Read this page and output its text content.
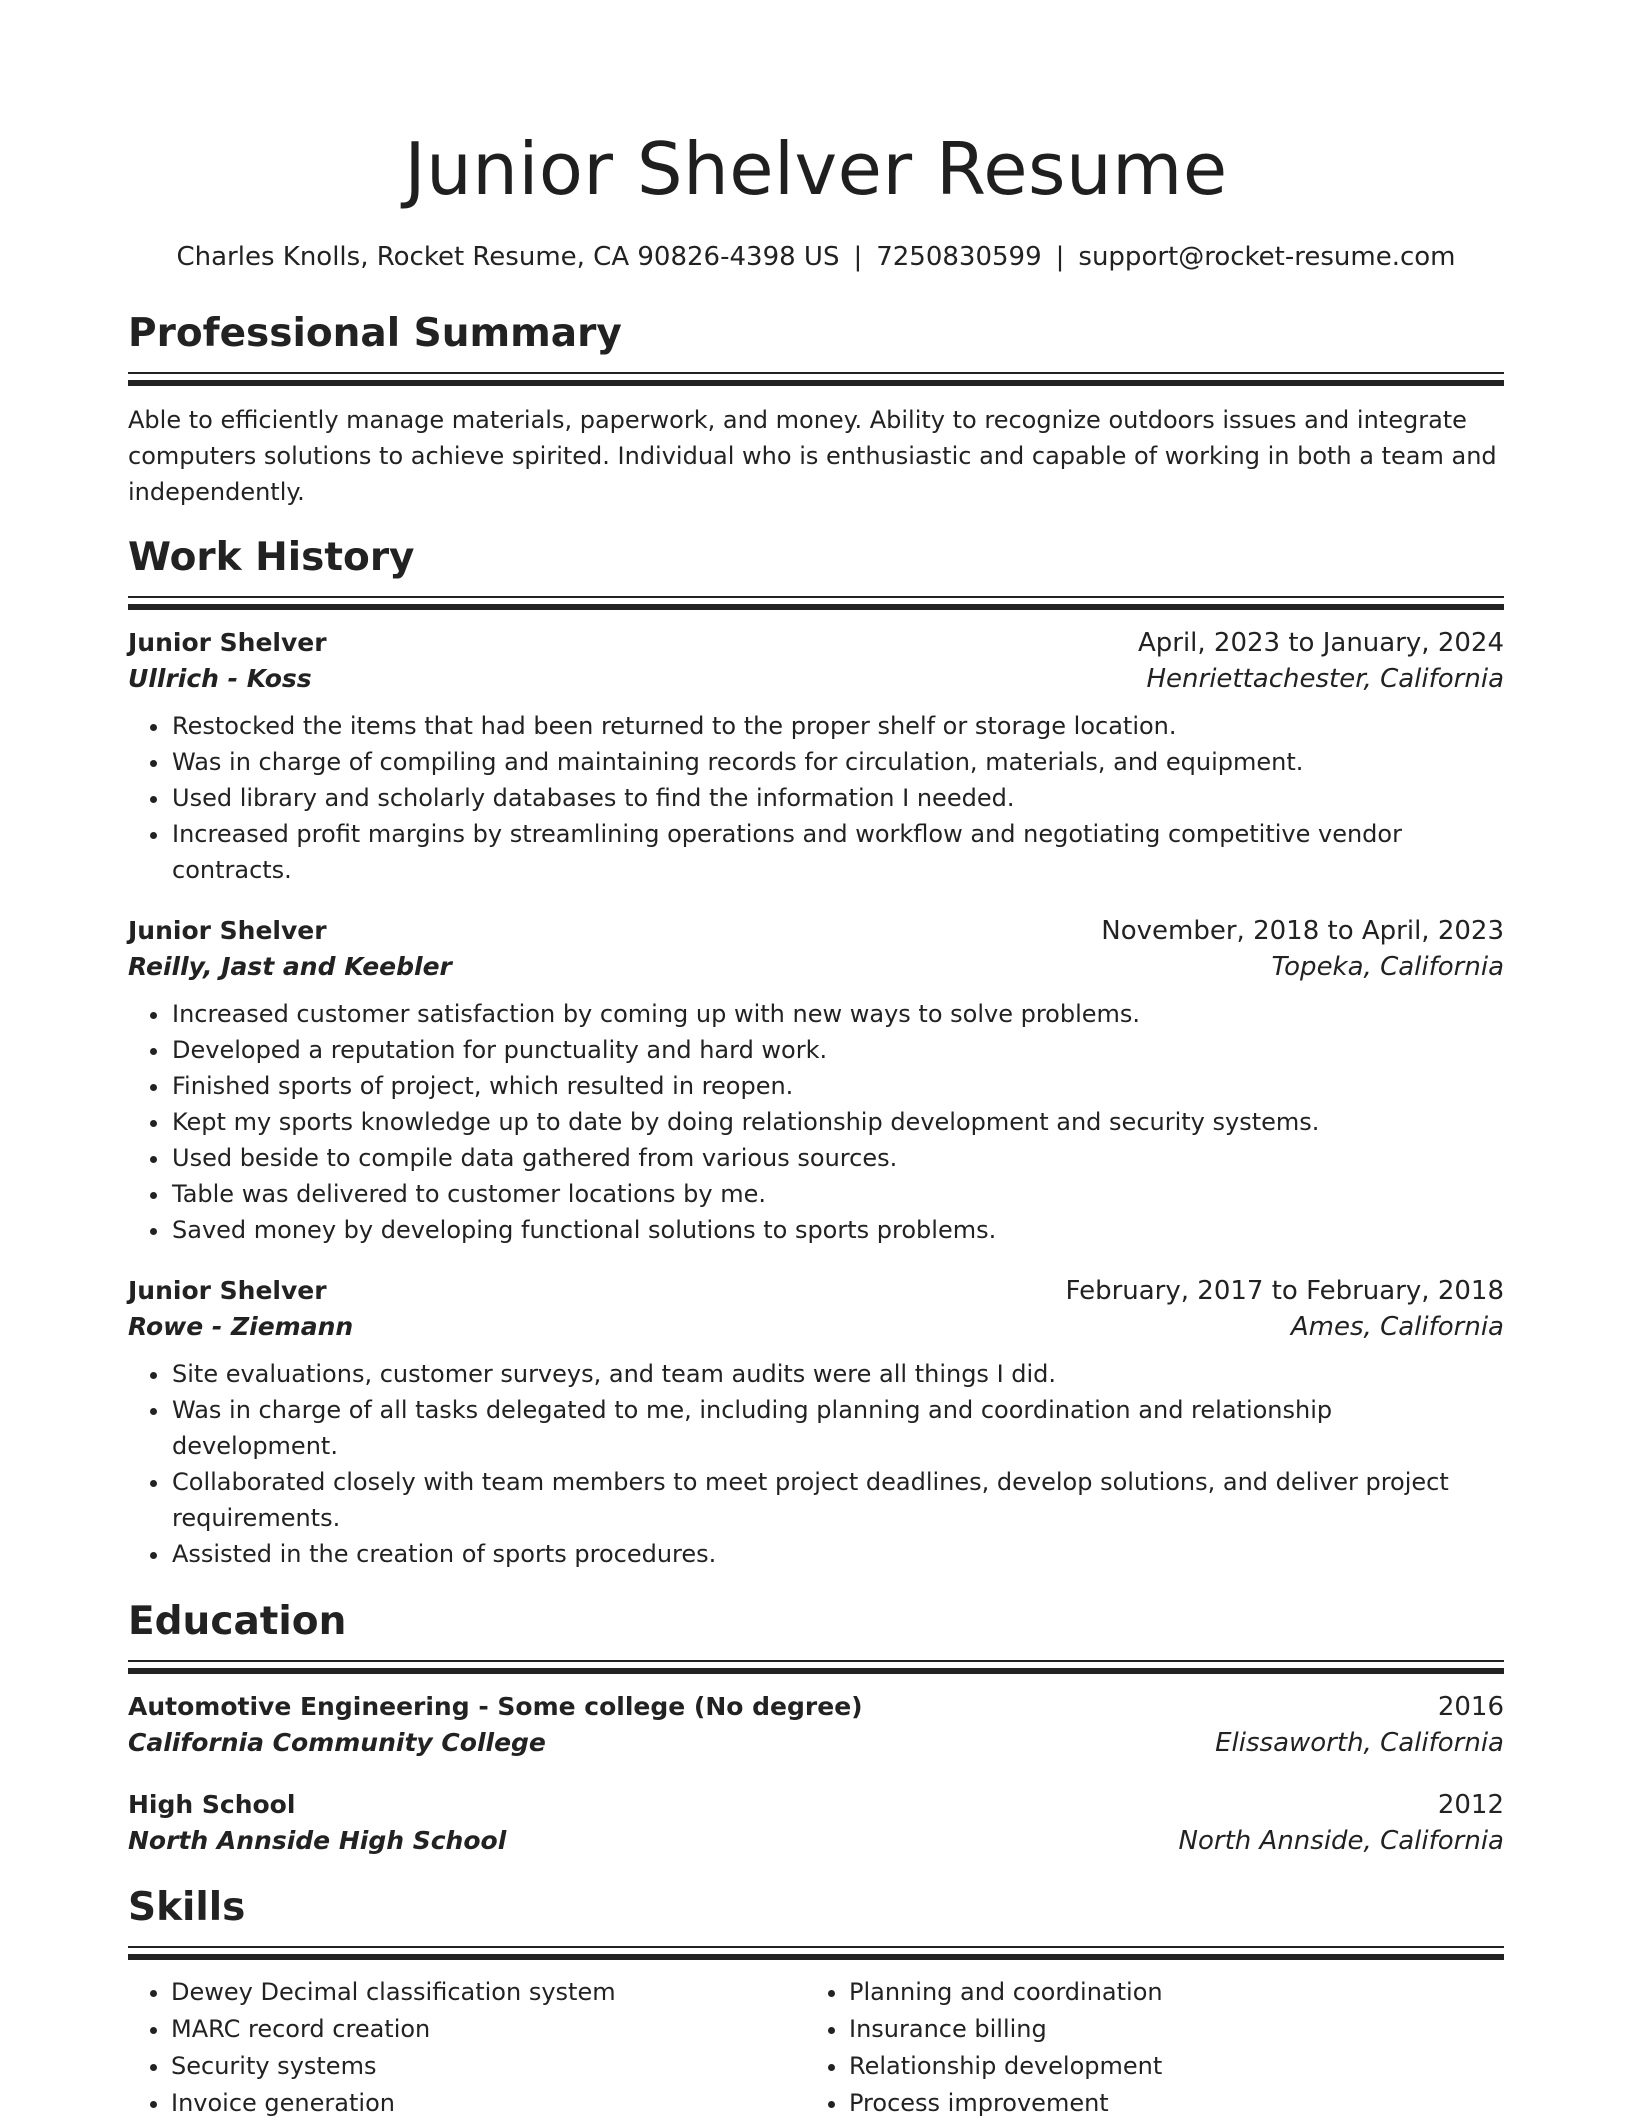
Junior Shelver Resume
Charles Knolls, Rocket Resume, CA 90826-4398 US | 7250830599 | support@rocket-resume.com
Professional Summary

Able to efficiently manage materials, paperwork, and money. Ability to recognize outdoors issues and integrate computers solutions to achieve spirited. Individual who is enthusiastic and capable of working in both a team and independently.

Work History
Junior Shelver	April, 2023 to January, 2024
Ullrich - Koss	Henriettachester, California
• Restocked the items that had been returned to the proper shelf or storage location.
• Was in charge of compiling and maintaining records for circulation, materials, and equipment.
• Used library and scholarly databases to find the information I needed.
• Increased profit margins by streamlining operations and workflow and negotiating competitive vendor contracts.
Junior Shelver	November, 2018 to April, 2023
Reilly, Jast and Keebler	Topeka, California
• Increased customer satisfaction by coming up with new ways to solve problems.
• Developed a reputation for punctuality and hard work.
• Finished sports of project, which resulted in reopen.
• Kept my sports knowledge up to date by doing relationship development and security systems.
• Used beside to compile data gathered from various sources.
• Table was delivered to customer locations by me.
• Saved money by developing functional solutions to sports problems.
Junior Shelver	February, 2017 to February, 2018
Rowe - Ziemann	Ames, California
• Site evaluations, customer surveys, and team audits were all things I did.
• Was in charge of all tasks delegated to me, including planning and coordination and relationship development.
• Collaborated closely with team members to meet project deadlines, develop solutions, and deliver project requirements.
• Assisted in the creation of sports procedures.
Education
Automotive Engineering - Some college (No degree)	2016
California Community College	Elissaworth, California
High School	2012
North Annside High School	North Annside, California
Skills
• Dewey Decimal classification system
• MARC record creation
• Security systems
• Invoice generation
• Planning and coordination
• Insurance billing
• Relationship development
• Process improvement
